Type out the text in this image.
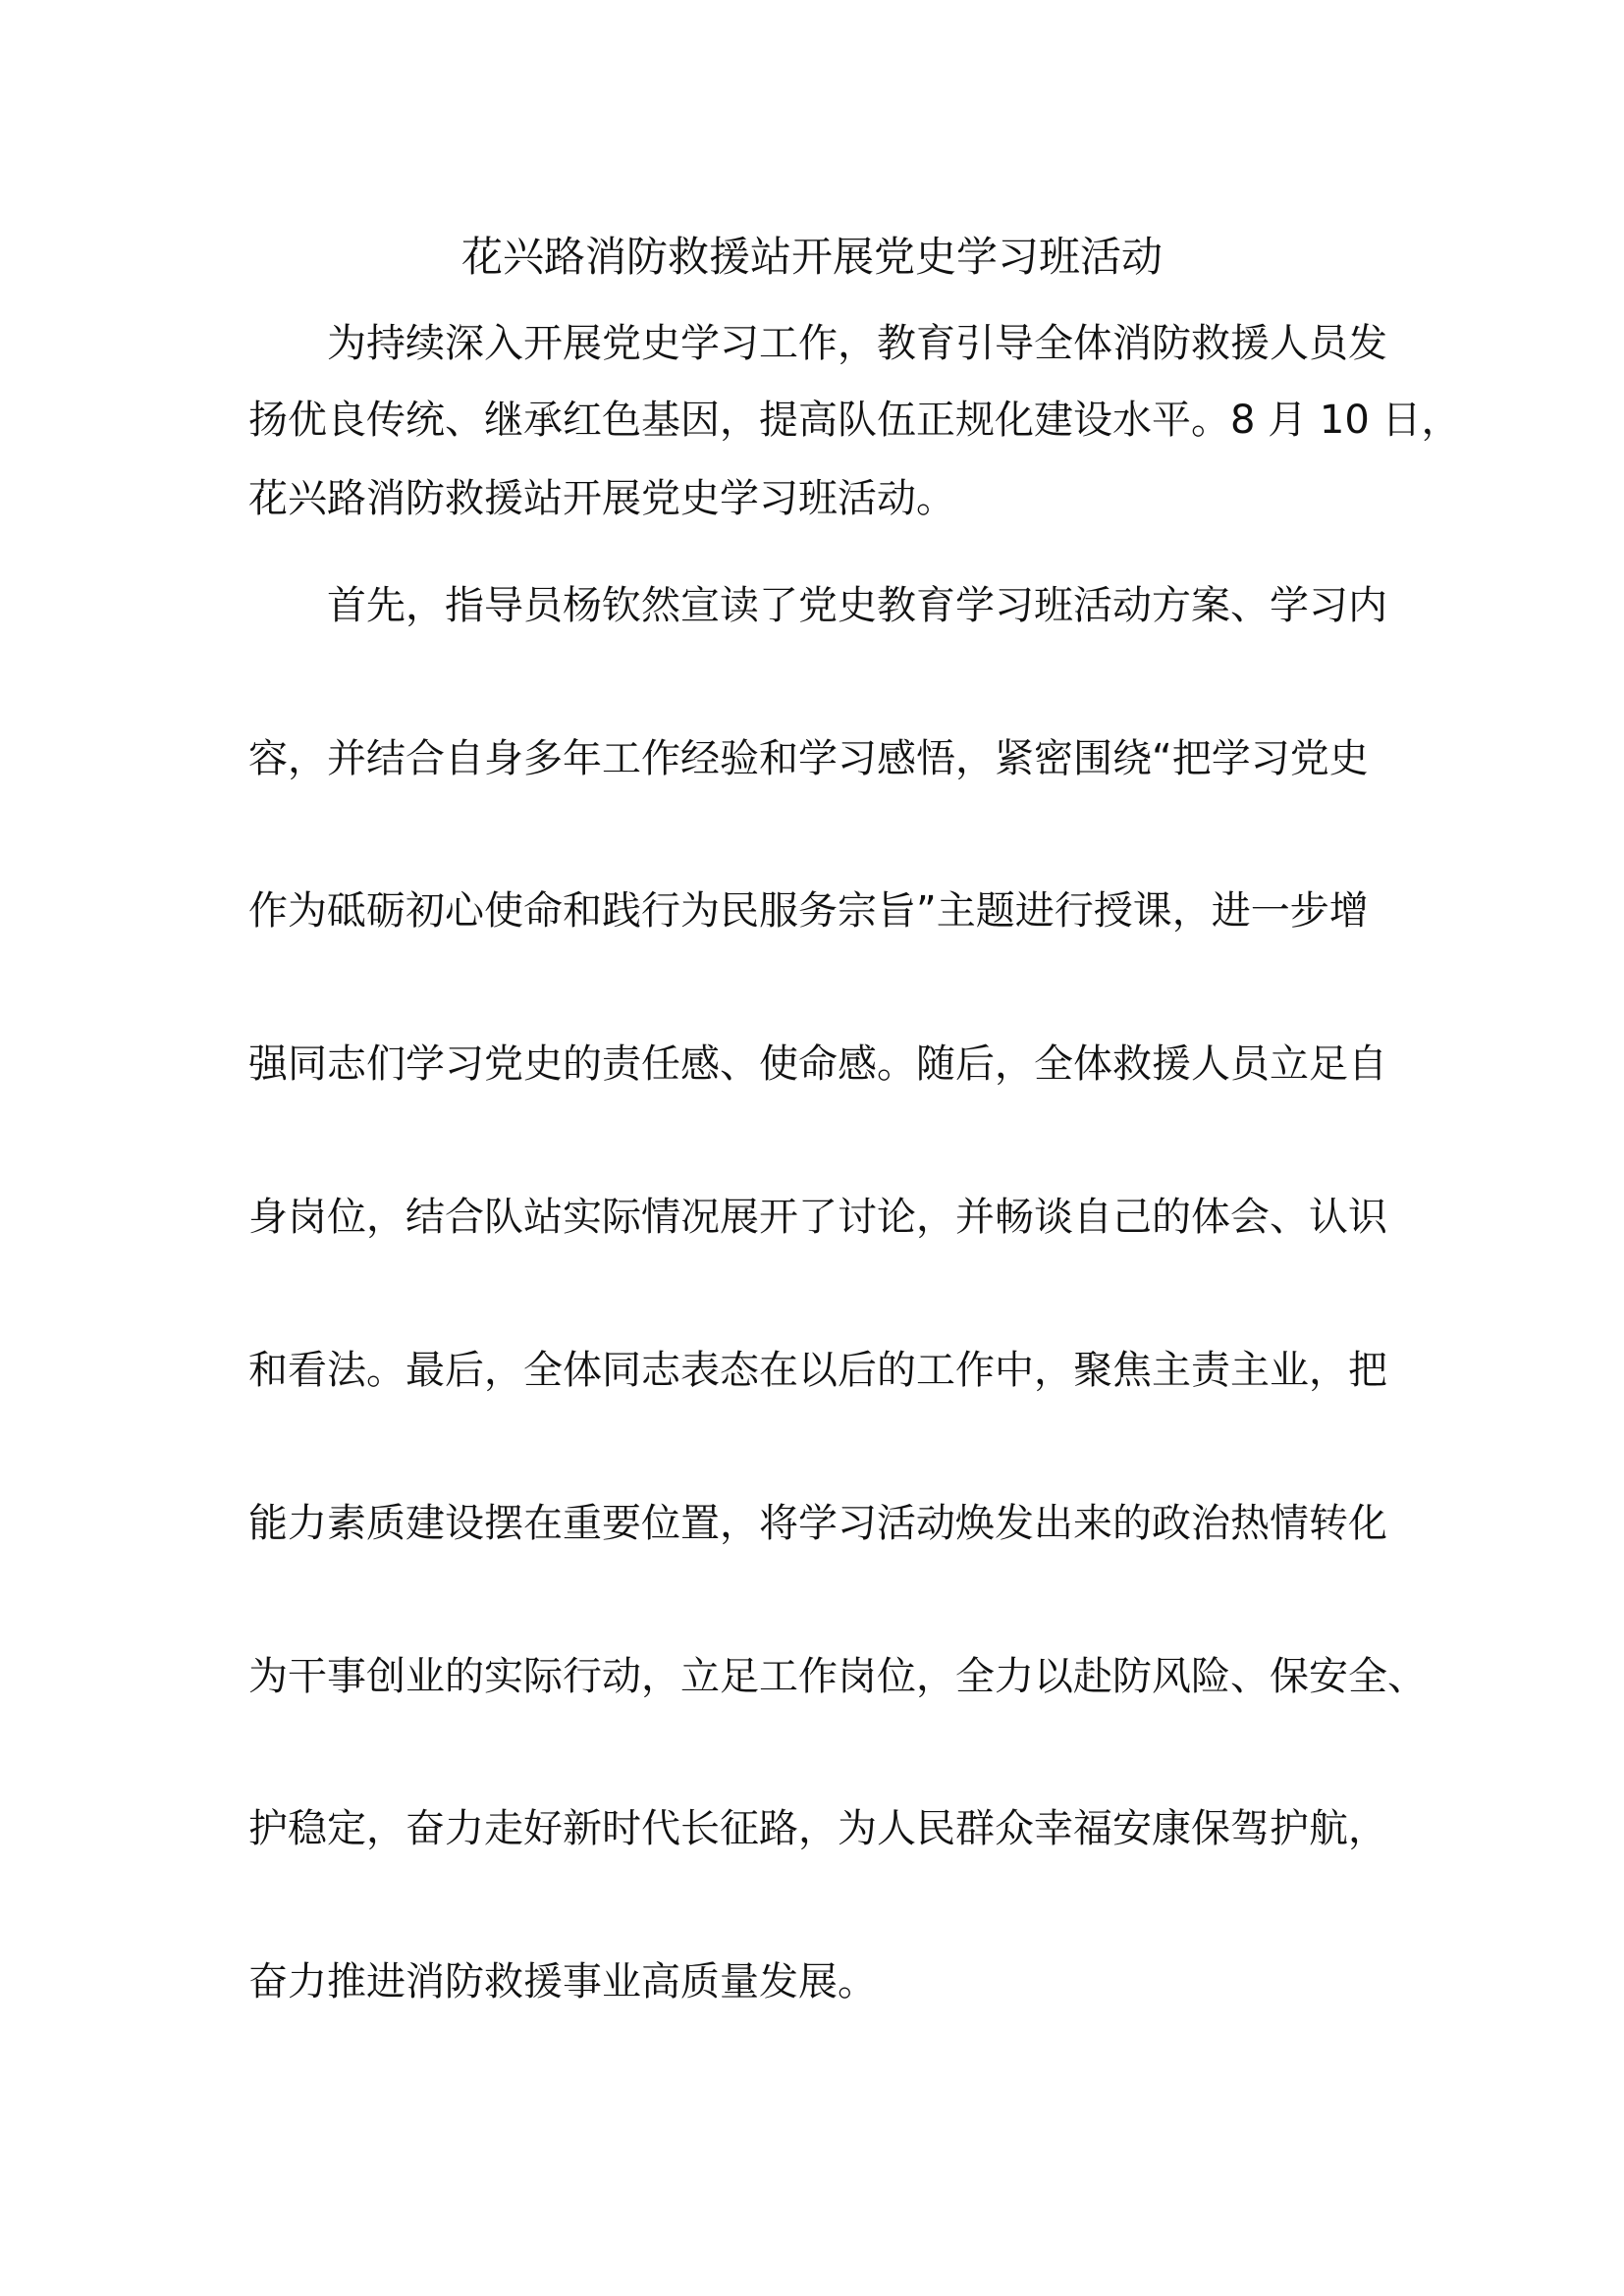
花兴路消防救援站开展党史学习班活动
　　为持续深入开展党史学习工作，教育引导全体消防救援人员发
扬优良传统、继承红色基因，提高队伍正规化建设水平。8 月 10 日，
花兴路消防救援站开展党史学习班活动。
　　首先，指导员杨钦然宣读了党史教育学习班活动方案、学习内
容，并结合自身多年工作经验和学习感悟，紧密围绕“把学习党史
作为砥砺初心使命和践行为民服务宗旨”主题进行授课，进一步增
强同志们学习党史的责任感、使命感。随后，全体救援人员立足自
身岗位，结合队站实际情况展开了讨论，并畅谈自己的体会、认识
和看法。最后，全体同志表态在以后的工作中，聚焦主责主业，把
能力素质建设摆在重要位置，将学习活动焕发出来的政治热情转化
为干事创业的实际行动，立足工作岗位，全力以赴防风险、保安全、
护稳定，奋力走好新时代长征路，为人民群众幸福安康保驾护航，
奋力推进消防救援事业高质量发展。
